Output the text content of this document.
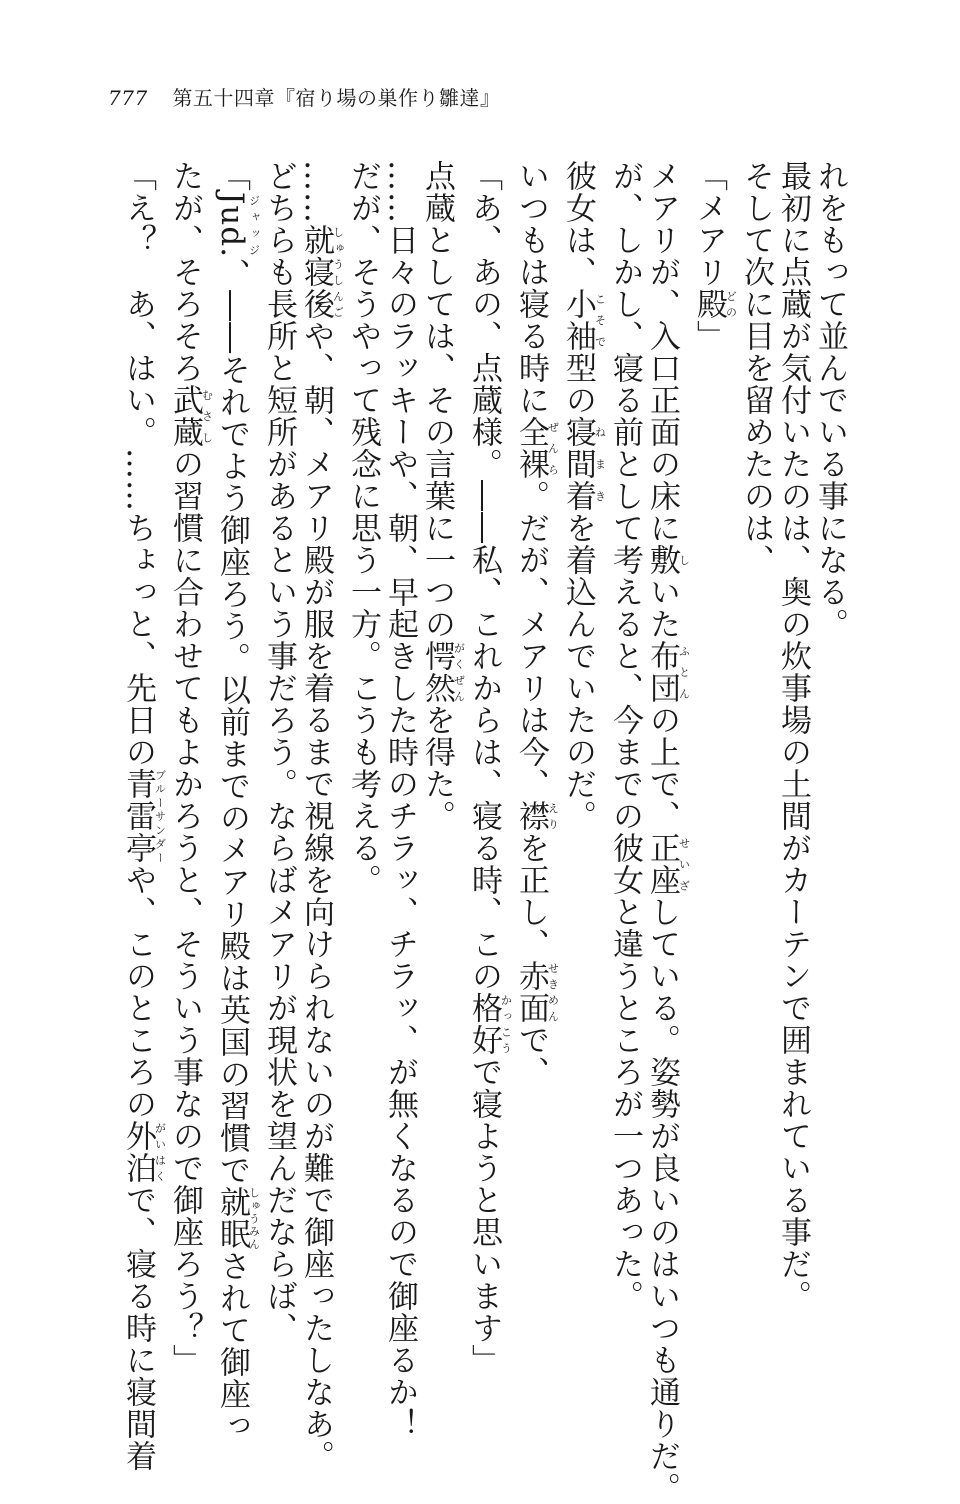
777 第五十四章『宿り場の巣作り雛達』
れをもって並んでいる事になる。
最初に点蔵が気付いたのは、奥の炊事場の土間がカーテンで囲まれている事だ。
そして次に目を留めたのは、
「メアリ殿どの」
メアリが、入口正面の床に敷しいた布団ふとんの上で、正座せいざしている。姿勢が良いのはいつも通りだ。
が、しかし、寝る前として考えると、今までの彼女と違うところが一つあった。
彼女は、小袖こそで型の寝間着ねまきを着込んでいたのだ。
いつもは寝る時に全裸ぜんら。だが、メアリは今、襟えりを正し、赤面せきめんで、
「あ、あの、点蔵様。――私、これからは、寝る時、この格好かっこうで寝ようと思います」
点蔵としては、その言葉に一つの愕然がくぜんを得た。
……日々のラッキーや、朝、早起きした時のチラッ、チラッ、が無くなるので御座るか！
だが、そうやって残念に思う一方。こうも考える。
……就寝後しゅうしんごや、朝、メアリ殿が服を着るまで視線を向けられないのが難で御座ったしなあ。
どちらも長所と短所があるという事だろう。ならばメアリが現状を望んだならば、
「Jud.ジャッジ、――それでよう御座ろう。以前までのメアリ殿は英国の習慣で就眠しゅうみんされて御座っ
たが、そろそろ武蔵むさしの習慣に合わせてもよかろうと、そういう事なので御座ろう？」
「え？　あ、はい。……ちょっと、先日の青雷亭ブルーサンダーや、このところの外泊がいはくで、寝る時に寝間着
